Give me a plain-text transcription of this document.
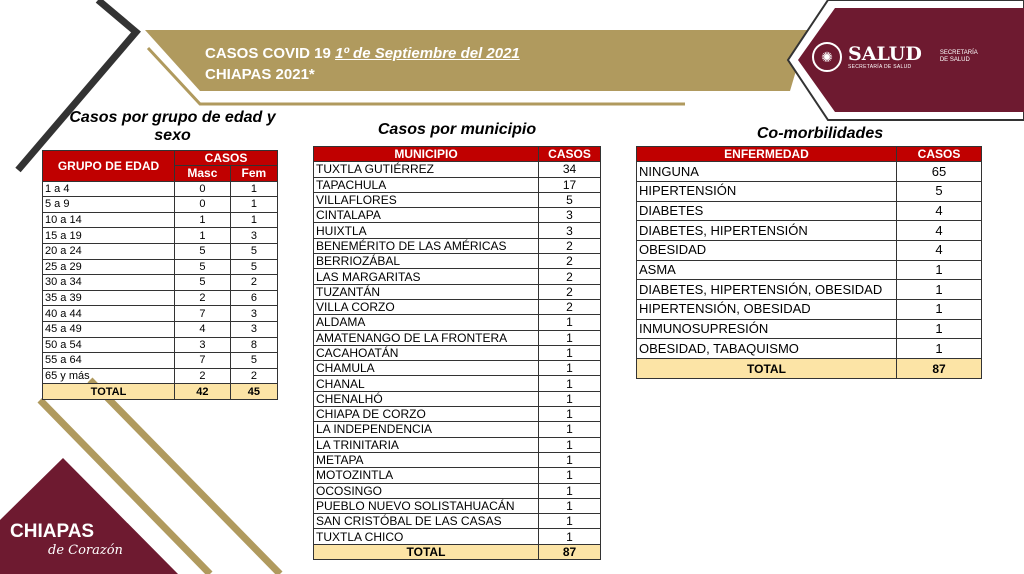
CASOS COVID 19 1º de Septiembre del 2021
CHIAPAS 2021*
✺ SALUD
SECRETARÍA DE SALUD
SECRETARÍA DE SALUD
Casos por grupo de edad y sexo	Casos por municipio	Co-morbilidades
GRUPO DE EDAD	CASOS	
	Masc	Fem
1 a 4	0	1
5 a 9	0	1
10 a 14	1	1
15 a 19	1	3
20 a 24	5	5
25 a 29	5	5
30 a 34	5	2
35 a 39	2	6
40 a 44	7	3
45 a 49	4	3
50 a 54	3	8
55 a 64	7	5
65 y más	2	2
TOTAL	42	45
MUNICIPIO	CASOS
TUXTLA GUTIÉRREZ	34
TAPACHULA	17
VILLAFLORES	5
CINTALAPA	3
HUIXTLA	3
BENEMÉRITO DE LAS AMÉRICAS	2
BERRIOZÁBAL	2
LAS MARGARITAS	2
TUZANTÁN	2
VILLA CORZO	2
ALDAMA	1
AMATENANGO DE LA FRONTERA	1
CACAHOATÁN	1
CHAMULA	1
CHANAL	1
CHENALHÓ	1
CHIAPA DE CORZO	1
LA INDEPENDENCIA	1
LA TRINITARIA	1
METAPA	1
MOTOZINTLA	1
OCOSINGO	1
PUEBLO NUEVO SOLISTAHUACÁN	1
SAN CRISTÓBAL DE LAS CASAS	1
TUXTLA CHICO	1
TOTAL	87
ENFERMEDAD	CASOS
NINGUNA	65
HIPERTENSIÓN	5
DIABETES	4
DIABETES, HIPERTENSIÓN	4
OBESIDAD	4
ASMA	1
DIABETES, HIPERTENSIÓN, OBESIDAD	1
HIPERTENSIÓN, OBESIDAD	1
INMUNOSUPRESIÓN	1
OBESIDAD, TABAQUISMO	1
TOTAL	87
CHIAPAS
de Corazón
